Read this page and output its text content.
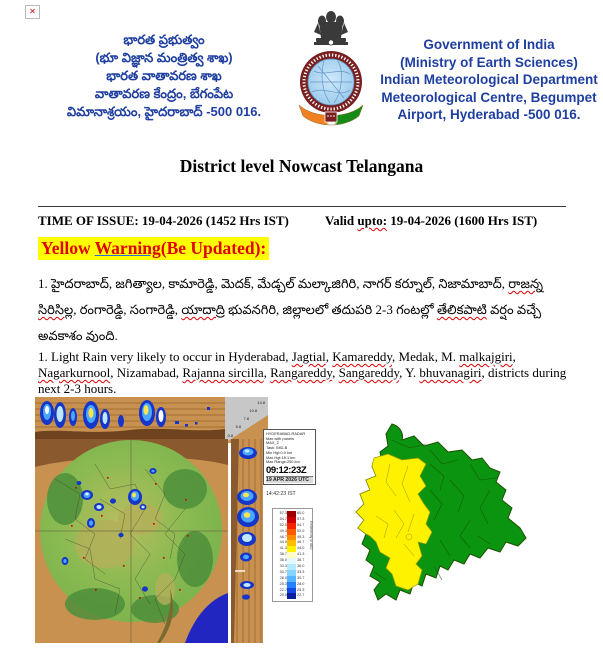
✕
భారత ప్రభుత్వం
(భూ విజ్ఞాన మంత్రిత్వ శాఖ)
భారత వాతావరణ శాఖ
వాతావరణ కేంద్రం, బేగంపేట
విమానాశ్రయం, హైదరాబాద్ -500 016.
Government of India
(Ministry of Earth Sciences)
Indian Meteorological Department
Meteorological Centre, Begumpet
Airport, Hyderabad -500 016.
District level Nowcast Telangana
TIME OF ISSUE: 19-04-2026 (1452 Hrs IST)	Valid upto: 19-04-2026 (1600 Hrs IST)
Yellow Warning(Be Updated):
1. హైదరాబాద్, జగిత్యాల, కామారెడ్డి, మెదక్, మేడ్చల్ మల్కాజిగిరి, నాగర్ కర్నూల్, నిజామాబాద్, రాజన్న సిరిసిల్ల, రంగారెడ్డి, సంగారెడ్డి, యాదాద్రి భువనగిరి, జిల్లాలలో తదుపరి 2-3 గంటల్లో తేలికపాటి వర్షం వచ్చే అవకాశం వుంది.
1. Light Rain very likely to occur in Hyderabad, Jagtial, Kamareddy, Medak, M. malkajgiri, Nagarkurnool, Nizamabad, Rajanna sircilla, Rangareddy, Sangareddy, Y. bhuvanagiri, districts during next 2-3 hours.
14.8
10.8
7.8
5.8
0.8	HYDERABAD-RADAR
Max with panels
MAX_Z
Task: IMD-B
Min Hgt:0.0 km
Max Hgt:15.1 km
Max Range:250 km
09:12:23Z
19 APR 2026 UTC
14:42:23 IST
57.3	60.0
54.7	57.3
52.0	54.7
49.3	52.0
46.7	49.3
44.0	46.7
41.3	44.0
38.7	41.3
36.0	38.7
33.3	36.0
30.7	33.3
28.0	30.7
25.3	28.0
22.7	25.3
20.0	22.7
Reflectivity in dBZ
